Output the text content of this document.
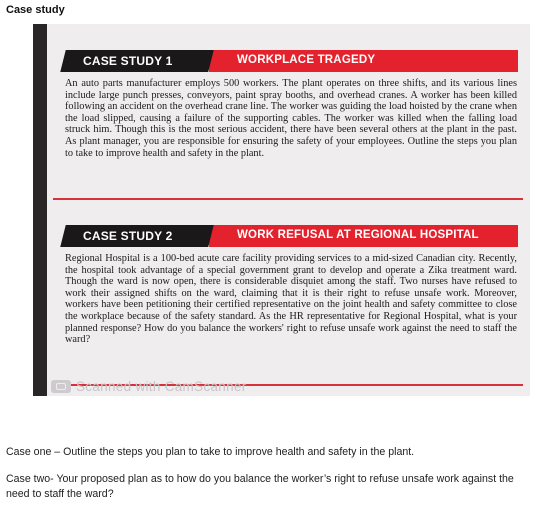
Case study
CASE STUDY 1	WORKPLACE TRAGEDY
An auto parts manufacturer employs 500 workers. The plant operates on three shifts, and its various lines include large punch presses, conveyors, paint spray booths, and overhead cranes. A worker has been killed following an accident on the overhead crane line. The worker was guiding the load hoisted by the crane when the load slipped, causing a failure of the supporting cables. The worker was killed when the falling load struck him. Though this is the most serious accident, there have been several others at the plant in the past. As plant manager, you are responsible for ensuring the safety of your employees. Outline the steps you plan to take to improve health and safety in the plant.
CASE STUDY 2	WORK REFUSAL AT REGIONAL HOSPITAL
Regional Hospital is a 100-bed acute care facility providing services to a mid-sized Canadian city. Recently, the hospital took advantage of a special government grant to develop and operate a Zika treatment ward. Though the ward is now open, there is considerable disquiet among the staff. Two nurses have refused to work their assigned shifts on the ward, claiming that it is their right to refuse unsafe work. Moreover, workers have been petitioning their certified representative on the joint health and safety committee to close the workplace because of the safety standard. As the HR representative for Regional Hospital, what is your planned response? How do you balance the workers' right to refuse unsafe work against the need to staff the ward?
Scanned with CamScanner
Case one – Outline the steps you plan to take to improve health and safety in the plant.
Case two- Your proposed plan as to how do you balance the worker’s right to refuse unsafe work against the need to staff the ward?
